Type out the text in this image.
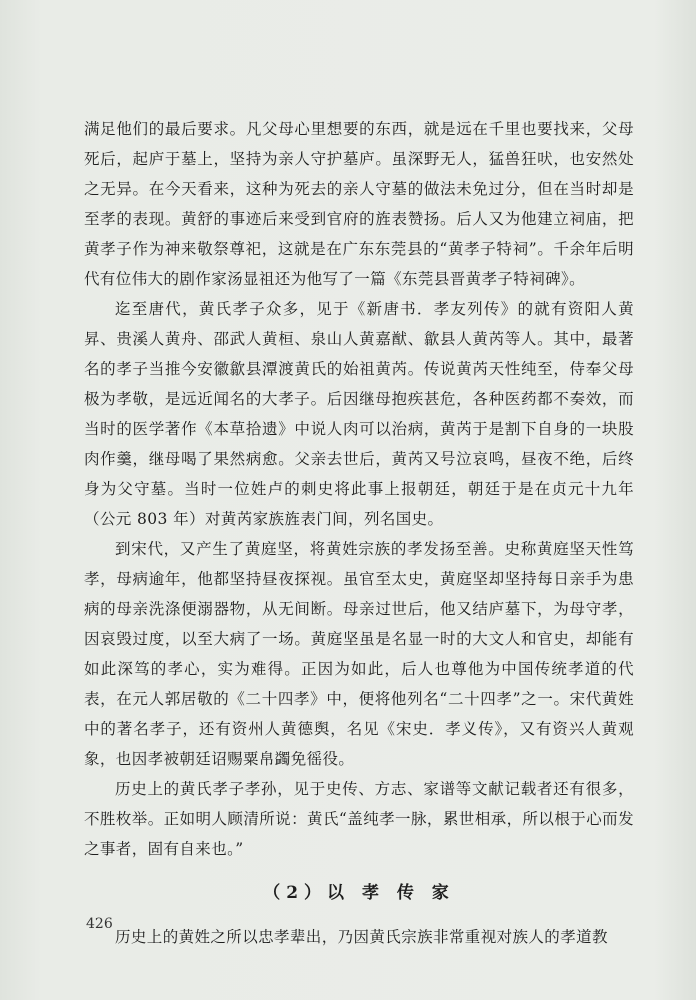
满足他们的最后要求。凡父母心里想要的东西，就是远在千里也要找来，父母死后，起庐于墓上，坚持为亲人守护墓庐。虽深野无人，猛兽狂吠，也安然处之无异。在今天看来，这种为死去的亲人守墓的做法未免过分，但在当时却是至孝的表现。黄舒的事迹后来受到官府的旌表赞扬。后人又为他建立祠庙，把黄孝子作为神来敬祭尊祀，这就是在广东东莞县的“黄孝子特祠”。千余年后明代有位伟大的剧作家汤显祖还为他写了一篇《东莞县晋黄孝子特祠碑》。

迄至唐代，黄氏孝子众多，见于《新唐书．孝友列传》的就有资阳人黄昇、贵溪人黄舟、邵武人黄桓、泉山人黄嘉猷、歙县人黄芮等人。其中，最著名的孝子当推今安徽歙县潭渡黄氏的始祖黄芮。传说黄芮天性纯至，侍奉父母极为孝敬，是远近闻名的大孝子。后因继母抱疾甚危，各种医药都不奏效，而当时的医学著作《本草拾遗》中说人肉可以治病，黄芮于是割下自身的一块股肉作羹，继母喝了果然病愈。父亲去世后，黄芮又号泣哀鸣，昼夜不绝，后终身为父守墓。当时一位姓卢的刺史将此事上报朝廷，朝廷于是在贞元十九年（公元 803 年）对黄芮家族旌表门间，列名国史。

到宋代，又产生了黄庭坚，将黄姓宗族的孝发扬至善。史称黄庭坚天性笃孝，母病逾年，他都坚持昼夜探视。虽官至太史，黄庭坚却坚持每日亲手为患病的母亲洗涤便溺器物，从无间断。母亲过世后，他又结庐墓下，为母守孝，因哀毁过度，以至大病了一场。黄庭坚虽是名显一时的大文人和官史，却能有如此深笃的孝心，实为难得。正因为如此，后人也尊他为中国传统孝道的代表，在元人郭居敬的《二十四孝》中，便将他列名“二十四孝”之一。宋代黄姓中的著名孝子，还有资州人黄德舆，名见《宋史．孝义传》，又有资兴人黄观象，也因孝被朝廷诏赐粟帛蠲免徭役。

历史上的黄氏孝子孝孙，见于史传、方志、家谱等文献记载者还有很多，不胜枚举。正如明人顾清所说：黄氏“盖纯孝一脉，累世相承，所以根于心而发之事者，固有自来也。”

（2）以 孝 传 家

历史上的黄姓之所以忠孝辈出，乃因黄氏宗族非常重视对族人的孝道教

426
